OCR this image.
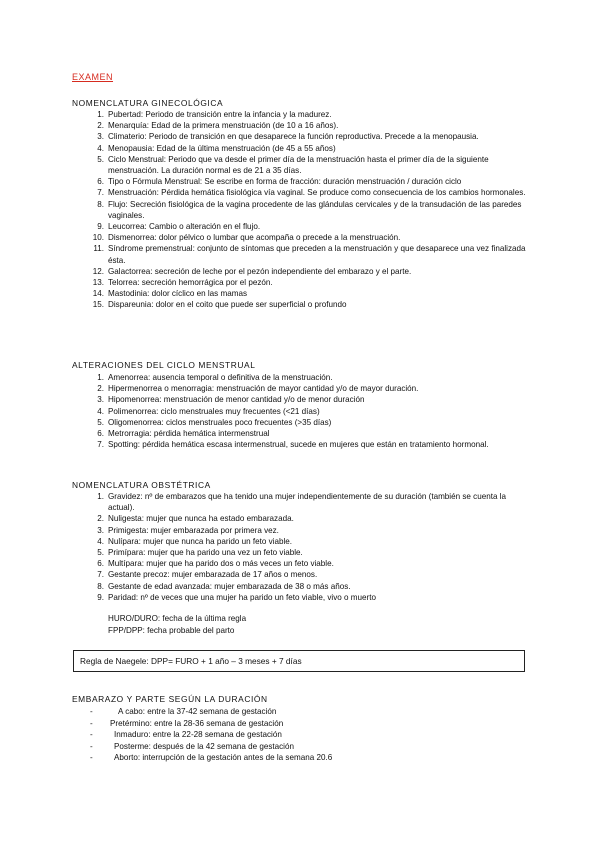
EXAMEN
NOMENCLATURA GINECOLÓGICA
1. Pubertad: Periodo de transición entre la infancia y la madurez.
2. Menarquía: Edad de la primera menstruación (de 10 a 16 años).
3. Climaterio: Periodo de transición en que desaparece la función reproductiva. Precede a la menopausia.
4. Menopausia: Edad de la última menstruación (de 45 a 55 años)
5. Ciclo Menstrual: Periodo que va desde el primer día de la menstruación hasta el primer día de la siguiente menstruación. La duración normal es de 21 a 35 días.
6. Tipo o Fórmula Menstrual: Se escribe en forma de fracción: duración menstruación / duración ciclo
7. Menstruación: Pérdida hemática fisiológica vía vaginal. Se produce como consecuencia de los cambios hormonales.
8. Flujo: Secreción fisiológica de la vagina procedente de las glándulas cervicales y de la transudación de las paredes vaginales.
9. Leucorrea: Cambio o alteración en el flujo.
10. Dismenorrea: dolor pélvico o lumbar que acompaña o precede a la menstruación.
11. Síndrome premenstrual: conjunto de síntomas que preceden a la menstruación y que desaparece una vez finalizada ésta.
12. Galactorrea: secreción de leche por el pezón independiente del embarazo y el parte.
13. Telorrea: secreción hemorrágica por el pezón.
14. Mastodinia: dolor cíclico en las mamas
15. Dispareunia: dolor en el coito que puede ser superficial o profundo
ALTERACIONES DEL CICLO MENSTRUAL
1. Amenorrea: ausencia temporal o definitiva de la menstruación.
2. Hipermenorrea o menorragia: menstruación de mayor cantidad y/o de mayor duración.
3. Hipomenorrea: menstruación de menor cantidad y/o de menor duración
4. Polimenorrea: ciclo menstruales muy frecuentes (<21 días)
5. Oligomenorrea: ciclos menstruales poco frecuentes (>35 días)
6. Metrorragia: pérdida hemática intermenstrual
7. Spotting: pérdida hemática escasa intermenstrual, sucede en mujeres que están en tratamiento hormonal.
NOMENCLATURA OBSTÉTRICA
1. Gravidez: nº de embarazos que ha tenido una mujer independientemente de su duración (también se cuenta la actual).
2. Nuligesta: mujer que nunca ha estado embarazada.
3. Primigesta: mujer embarazada por primera vez.
4. Nulípara: mujer que nunca ha parido un feto viable.
5. Primípara: mujer que ha parido una vez un feto viable.
6. Multípara: mujer que ha parido dos o más veces un feto viable.
7. Gestante precoz: mujer embarazada de 17 años o menos.
8. Gestante de edad avanzada: mujer embarazada de 38 o más años.
9. Paridad: nº de veces que una mujer ha parido un feto viable, vivo o muerto
HURO/DURO: fecha de la última regla
FPP/DPP: fecha probable del parto
Regla de Naegele: DPP= FURO + 1 año – 3 meses + 7 días
EMBARAZO Y PARTE SEGÚN LA DURACIÓN
-	A cabo: entre la 37-42 semana de gestación
- Pretérmino: entre la 28-36 semana de gestación
-	Inmaduro: entre la 22-28 semana de gestación
-	Posterme: después de la 42 semana de gestación
-	Aborto: interrupción de la gestación antes de la semana 20.6
